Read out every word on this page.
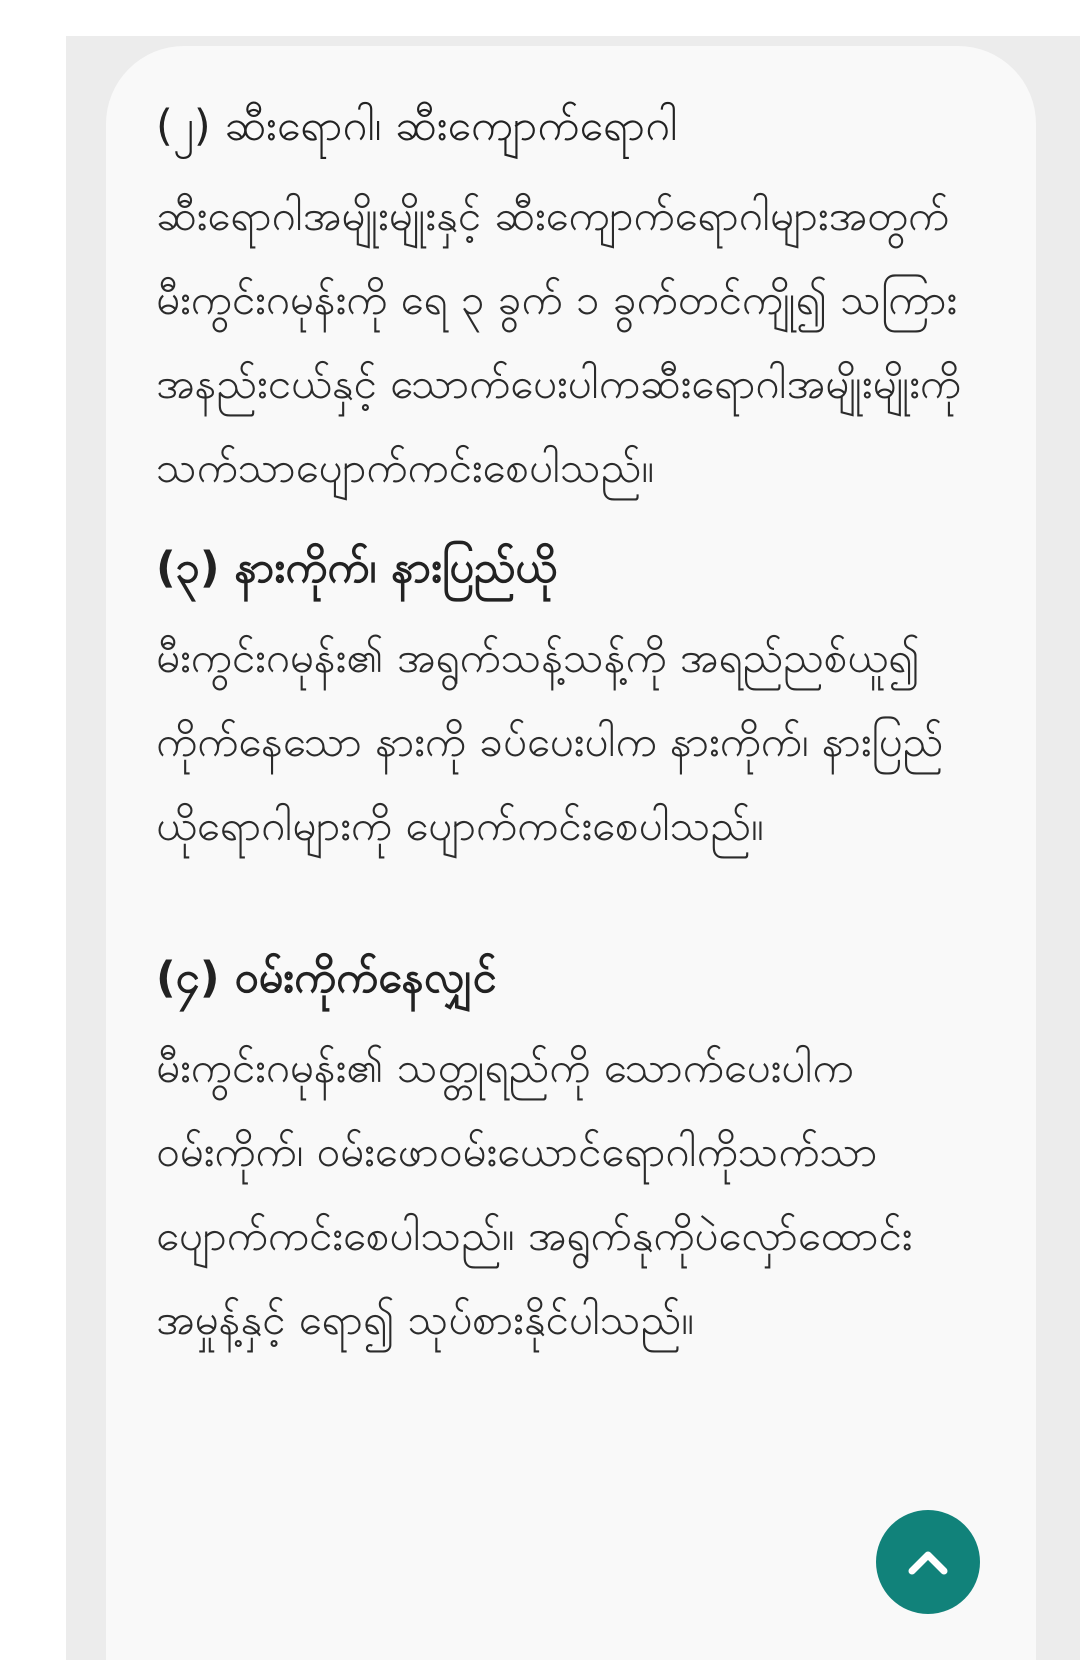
(၂) ဆီးရောဂါ၊ ဆီးကျောက်ရောဂါ

ဆီးရောဂါအမျိုးမျိုးနှင့် ဆီးကျောက်ရောဂါများအတွက် မီးကွင်းဂမုန်းကို ရေ ၃ ခွက် ၁ ခွက်တင်ကျို၍ သကြားအနည်းငယ်နှင့် သောက်ပေးပါကဆီးရောဂါအမျိုးမျိုးကို သက်သာပျောက်ကင်းစေပါသည်။

(၃) နားကိုက်၊ နားပြည်ယို

မီးကွင်းဂမုန်း၏ အရွက်သန့်သန့်ကို အရည်ညစ်ယူ၍ ကိုက်နေသော နားကို ခပ်ပေးပါက နားကိုက်၊ နားပြည်ယိုရောဂါများကို ပျောက်ကင်းစေပါသည်။

(၄) ဝမ်းကိုက်နေလျှင်

မီးကွင်းဂမုန်း၏ သတ္တုရည်ကို သောက်ပေးပါကဝမ်းကိုက်၊ ဝမ်းဖောဝမ်းယောင်ရောဂါကိုသက်သာပျောက်ကင်းစေပါသည်။ အရွက်နုကိုပဲလှော်ထောင်းအမှုန့်နှင့် ရော၍ သုပ်စားနိုင်ပါသည်။
